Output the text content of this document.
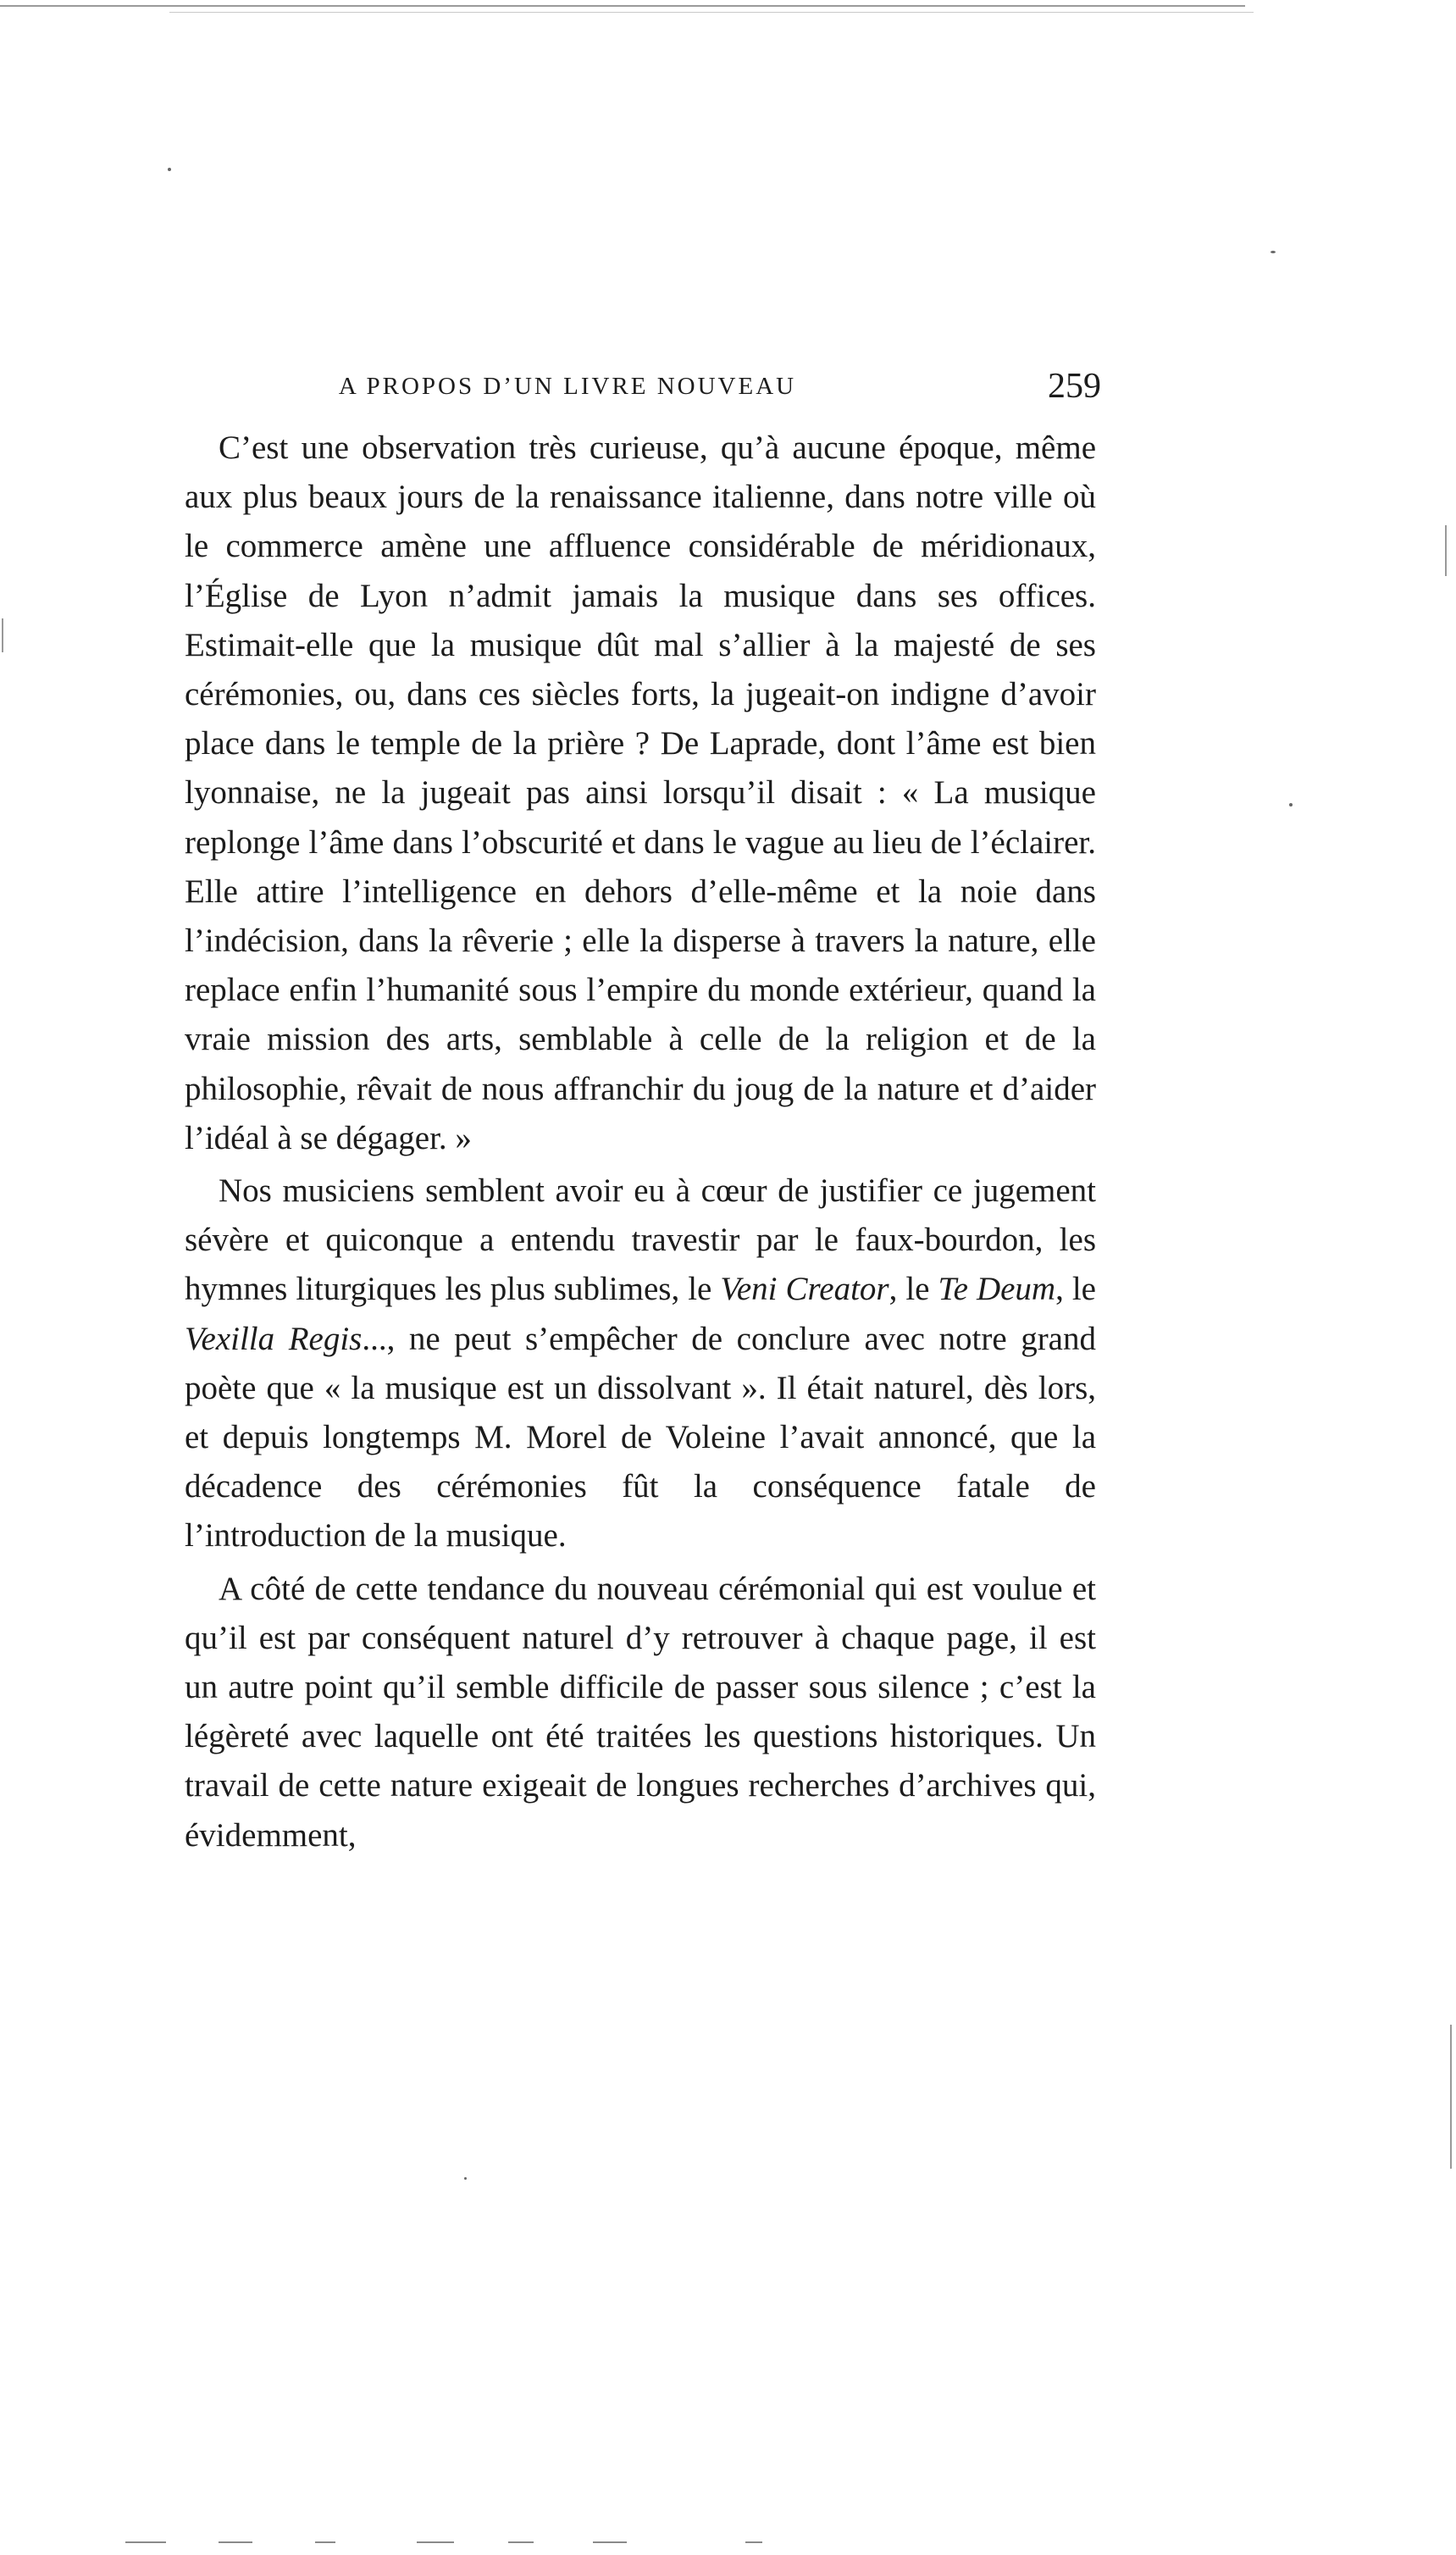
A PROPOS D’UN LIVRE NOUVEAU	259

C’est une observation très curieuse, qu’à aucune époque, même aux plus beaux jours de la renaissance italienne, dans notre ville où le commerce amène une affluence considérable de méridionaux, l’Église de Lyon n’admit jamais la musique dans ses offices. Estimait-elle que la musique dût mal s’allier à la majesté de ses cérémonies, ou, dans ces siècles forts, la jugeait-on indigne d’avoir place dans le temple de la prière ? De Laprade, dont l’âme est bien lyonnaise, ne la jugeait pas ainsi lorsqu’il disait : « La musique replonge l’âme dans l’obscurité et dans le vague au lieu de l’éclairer. Elle attire l’intelligence en dehors d’elle-même et la noie dans l’indécision, dans la rêverie ; elle la disperse à travers la nature, elle replace enfin l’humanité sous l’empire du monde extérieur, quand la vraie mission des arts, semblable à celle de la religion et de la philosophie, rêvait de nous affranchir du joug de la nature et d’aider l’idéal à se dégager. »

Nos musiciens semblent avoir eu à cœur de justifier ce jugement sévère et quiconque a entendu travestir par le faux-bourdon, les hymnes liturgiques les plus sublimes, le Veni Creator, le Te Deum, le Vexilla Regis..., ne peut s’empêcher de conclure avec notre grand poète que « la musique est un dissolvant ». Il était naturel, dès lors, et depuis longtemps M. Morel de Voleine l’avait annoncé, que la décadence des cérémonies fût la conséquence fatale de l’introduction de la musique.

A côté de cette tendance du nouveau cérémonial qui est voulue et qu’il est par conséquent naturel d’y retrouver à chaque page, il est un autre point qu’il semble difficile de passer sous silence ; c’est la légèreté avec laquelle ont été traitées les questions historiques. Un travail de cette nature exigeait de longues recherches d’archives qui, évidemment,
